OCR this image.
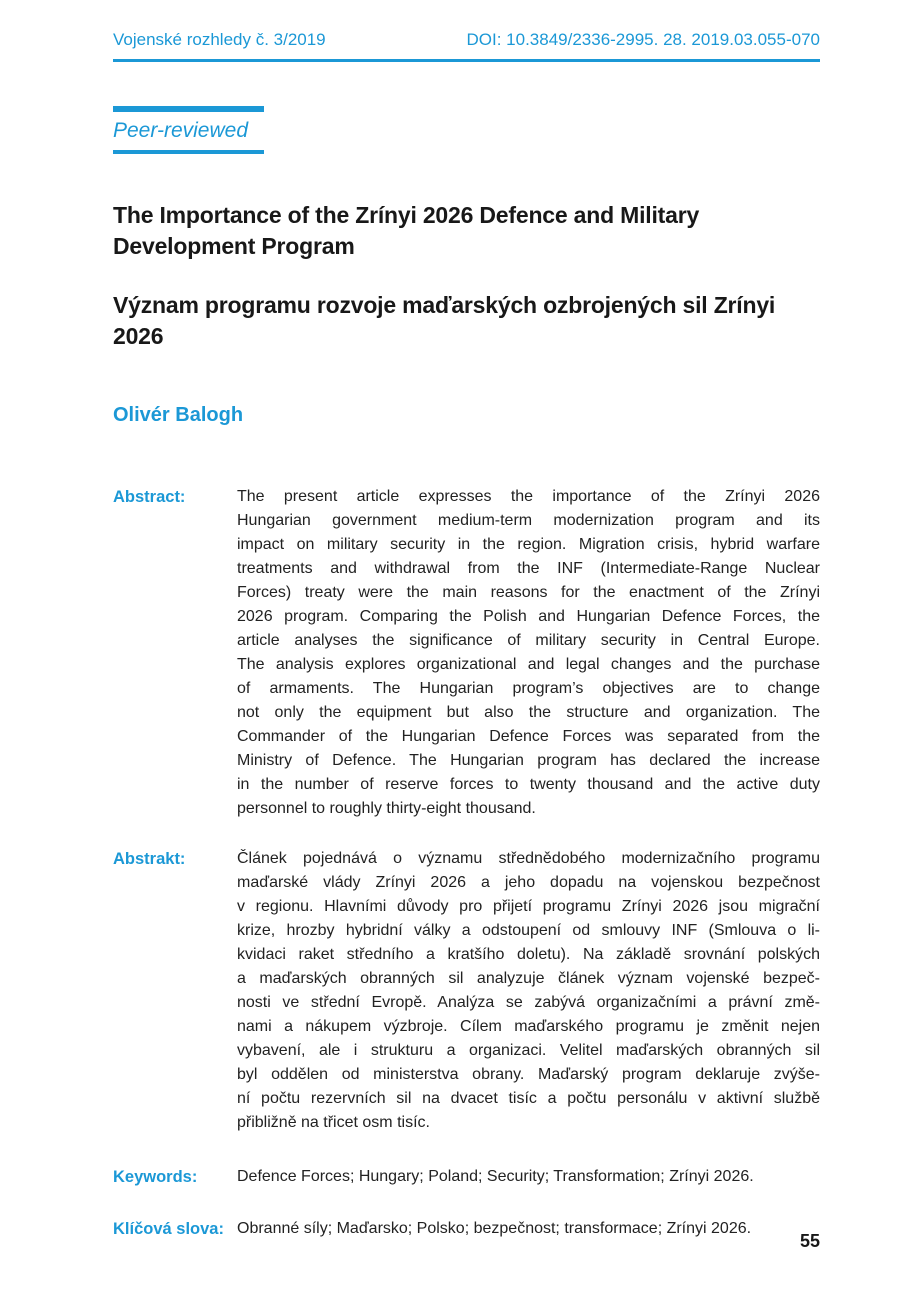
Vojenské rozhledy č. 3/2019	DOI: 10.3849/2336-2995. 28. 2019.03.055-070
Peer-reviewed
The Importance of the Zrínyi 2026 Defence and Military
Development Program
Význam programu rozvoje maďarských ozbrojených sil Zrínyi
2026
Olivér Balogh
Abstract:	The present article expresses the importance of the Zrínyi 2026
Hungarian government medium-term modernization program and its
impact on military security in the region. Migration crisis, hybrid warfare
treatments and withdrawal from the INF (Intermediate-Range Nuclear
Forces) treaty were the main reasons for the enactment of the Zrínyi
2026 program. Comparing the Polish and Hungarian Defence Forces, the
article analyses the significance of military security in Central Europe.
The analysis explores organizational and legal changes and the purchase
of armaments. The Hungarian program’s objectives are to change
not only the equipment but also the structure and organization. The
Commander of the Hungarian Defence Forces was separated from the
Ministry of Defence. The Hungarian program has declared the increase
in the number of reserve forces to twenty thousand and the active duty
personnel to roughly thirty-eight thousand.
Abstrakt:	Článek pojednává o významu střednědobého modernizačního programu
maďarské vlády Zrínyi 2026 a jeho dopadu na vojenskou bezpečnost
v regionu. Hlavními důvody pro přijetí programu Zrínyi 2026 jsou migrační
krize, hrozby hybridní války a odstoupení od smlouvy INF (Smlouva o li-
kvidaci raket středního a kratšího doletu). Na základě srovnání polských
a maďarských obranných sil analyzuje článek význam vojenské bezpeč-
nosti ve střední Evropě. Analýza se zabývá organizačními a právní změ-
nami a nákupem výzbroje. Cílem maďarského programu je změnit nejen
vybavení, ale i strukturu a organizaci. Velitel maďarských obranných sil
byl oddělen od ministerstva obrany. Maďarský program deklaruje zvýše-
ní počtu rezervních sil na dvacet tisíc a počtu personálu v aktivní službě
přibližně na třicet osm tisíc.
Keywords:	Defence Forces; Hungary; Poland; Security; Transformation; Zrínyi 2026.
Klíčová slova: Obranné síly; Maďarsko; Polsko; bezpečnost; transformace; Zrínyi 2026.
55
